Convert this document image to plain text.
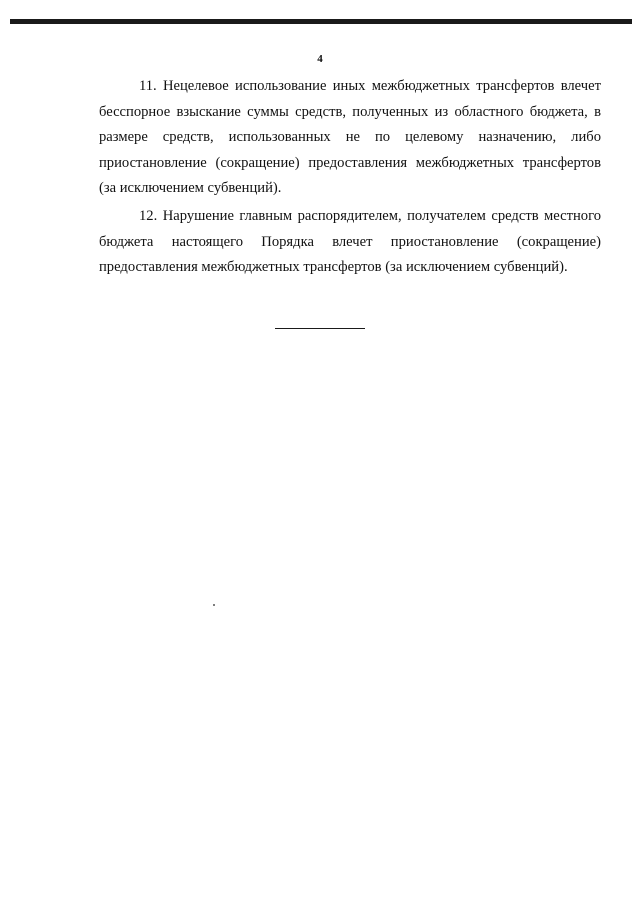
4

11. Нецелевое использование иных межбюджетных трансфертов влечет бесспорное взыскание суммы средств, полученных из областного бюджета, в размере средств, использованных не по целевому назначению, либо приостановление (сокращение) предоставления межбюджетных трансфертов (за исключением субвенций).

12. Нарушение главным распорядителем, получателем средств местного бюджета настоящего Порядка влечет приостановление (сокращение) предоставления межбюджетных трансфертов (за исключением субвенций).
